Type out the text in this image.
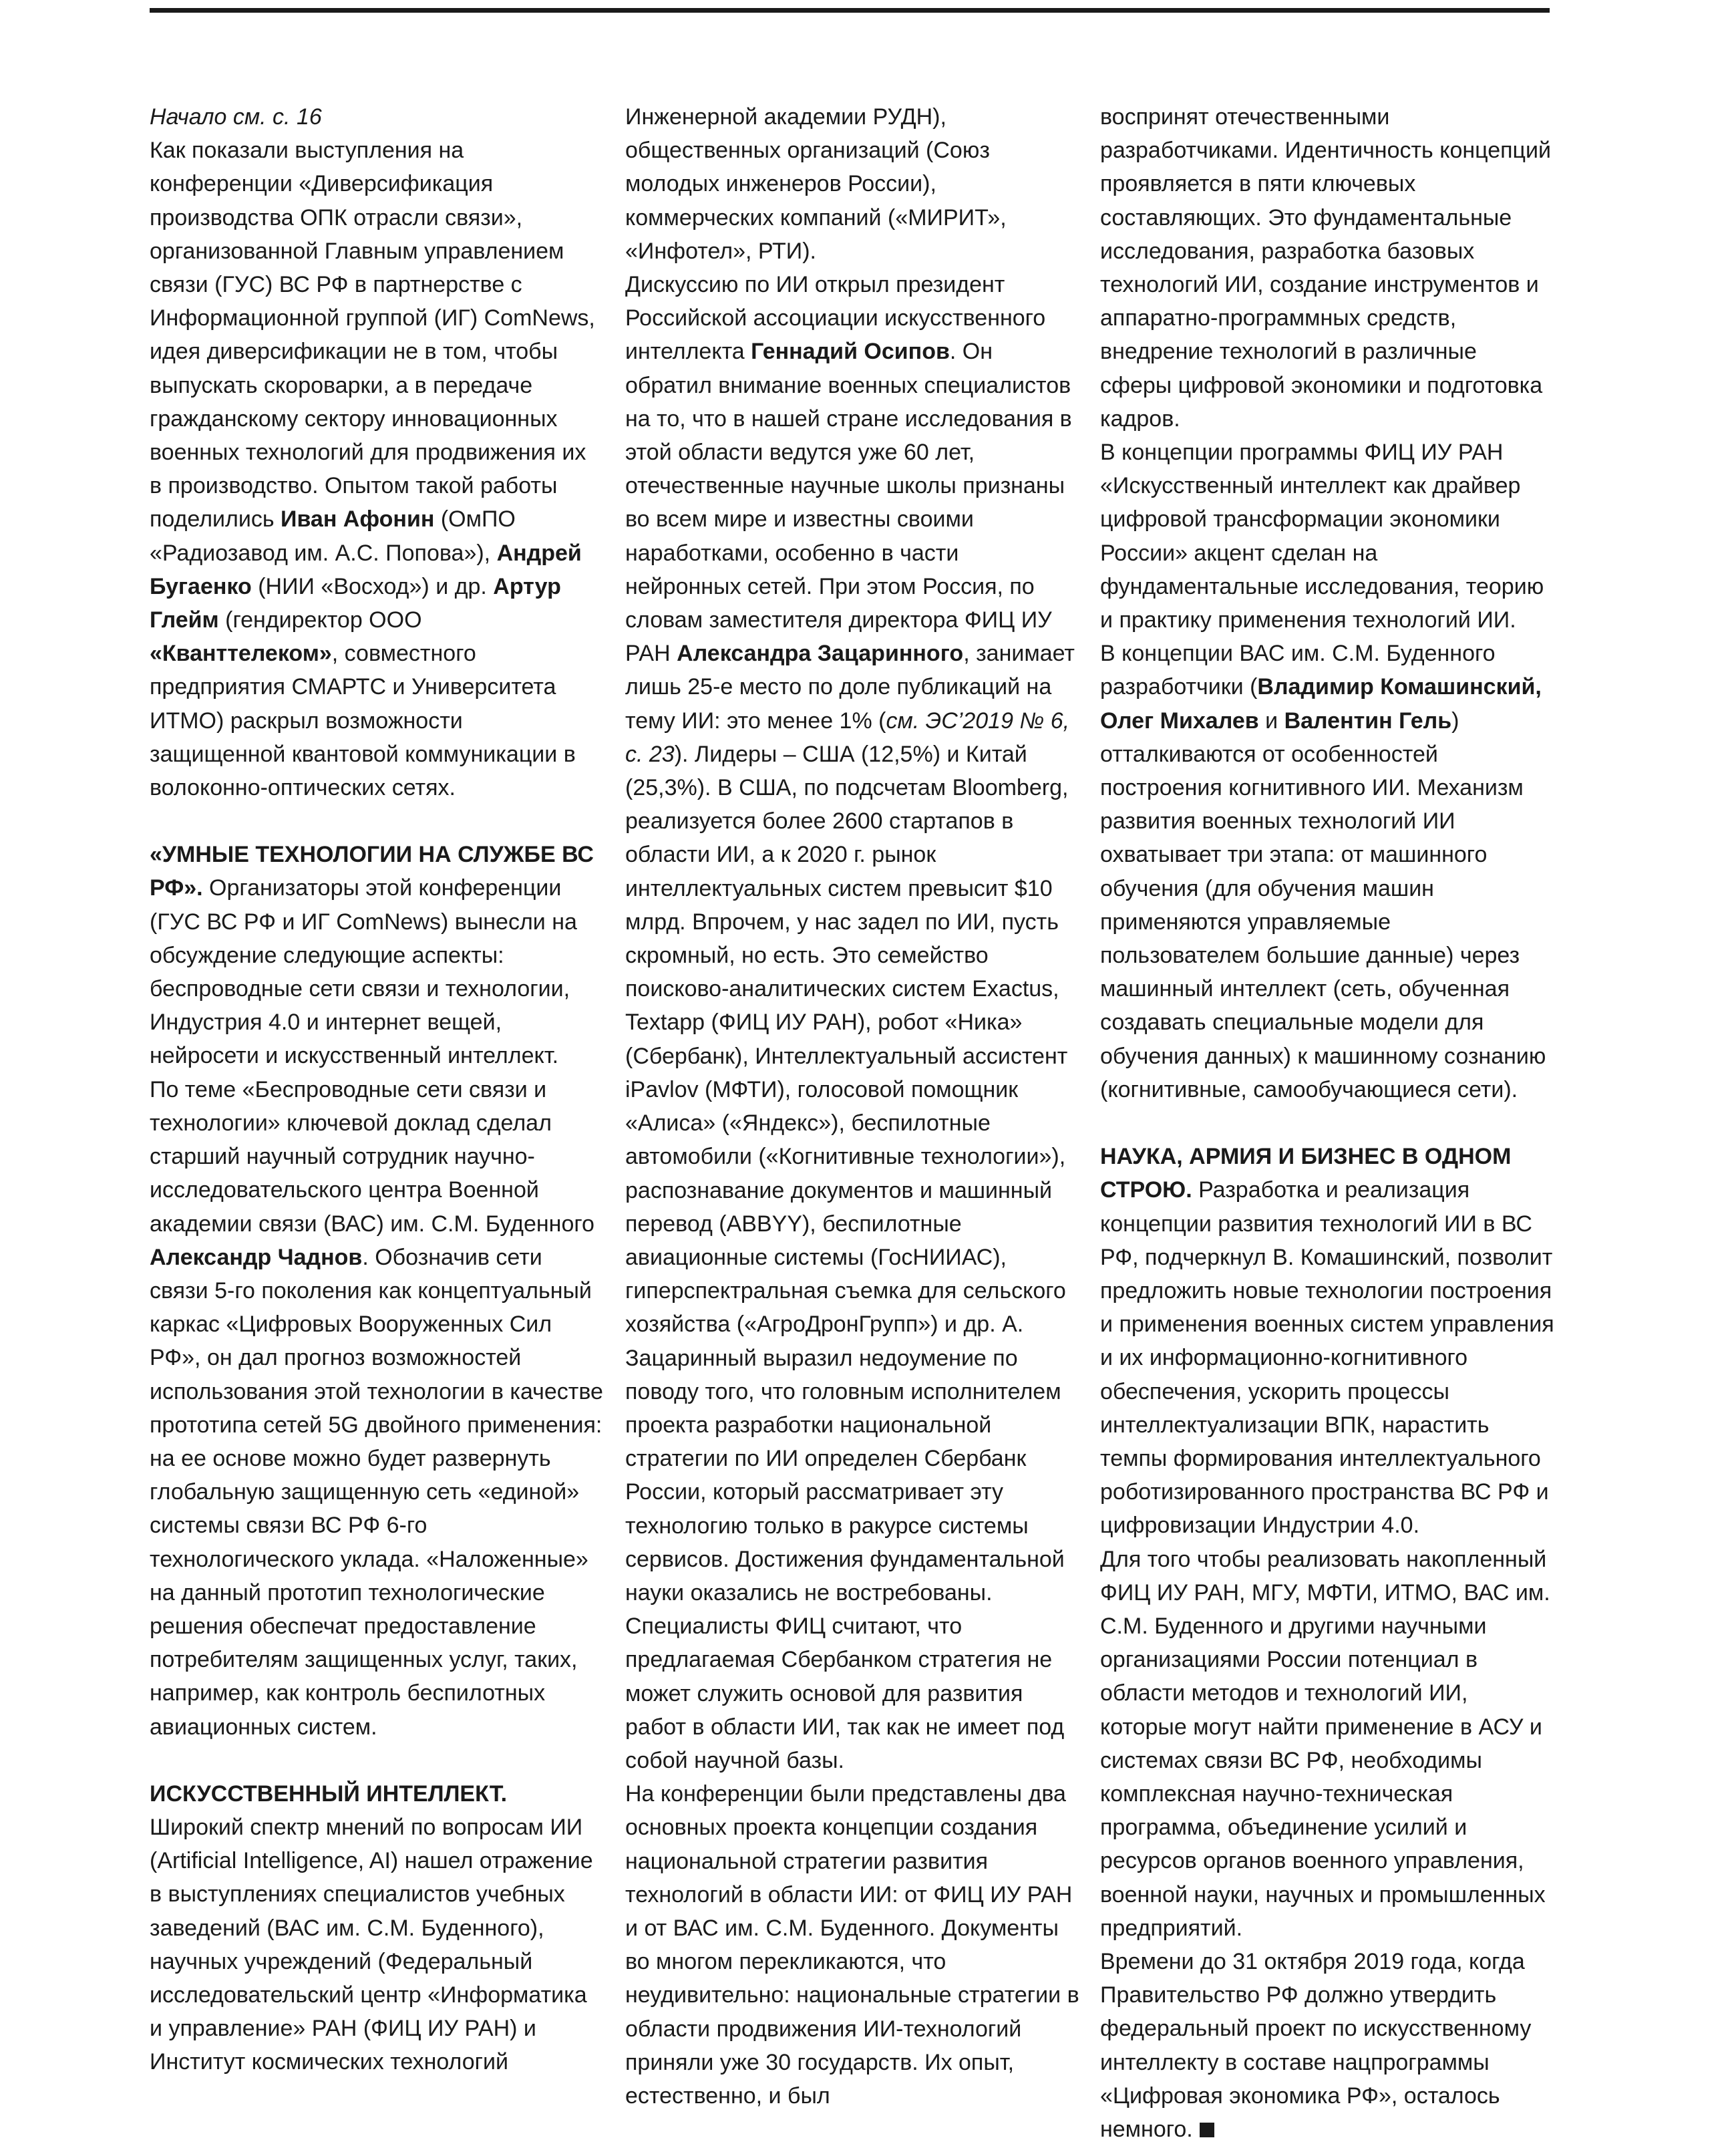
Начало см. с. 16

Как показали выступления на конференции «Диверсификация производства ОПК отрасли связи», организованной Главным управлением связи (ГУС) ВС РФ в партнерстве с Информационной группой (ИГ) ComNews, идея диверсификации не в том, чтобы выпускать скороварки, а в передаче гражданскому сектору инновационных военных технологий для продвижения их в производство. Опытом такой работы поделились Иван Афонин (ОмПО «Радиозавод им. А.С. Попова»), Андрей Бугаенко (НИИ «Восход») и др. Артур Глейм (гендиректор ООО «Кванттелеком», совместного предприятия СМАРТС и Университета ИТМО) раскрыл возможности защищенной квантовой коммуникации в волоконно-оптических сетях.

«УМНЫЕ ТЕХНОЛОГИИ НА СЛУЖБЕ ВС РФ». Организаторы этой конференции (ГУС ВС РФ и ИГ ComNews) вынесли на обсуждение следующие аспекты: беспроводные сети связи и технологии, Индустрия 4.0 и интернет вещей, нейросети и искусственный интеллект.

По теме «Беспроводные сети связи и технологии» ключевой доклад сделал старший научный сотрудник научно-исследовательского центра Военной академии связи (ВАС) им. С.М. Буденного Александр Чаднов. Обозначив сети связи 5-го поколения как концептуальный каркас «Цифровых Вооруженных Сил РФ», он дал прогноз возможностей использования этой технологии в качестве прототипа сетей 5G двойного применения: на ее основе можно будет развернуть глобальную защищенную сеть «единой» системы связи ВС РФ 6-го технологического уклада. «Наложенные» на данный прототип технологические решения обеспечат предоставление потребителям защищенных услуг, таких, например, как контроль беспилотных авиационных систем.

ИСКУССТВЕННЫЙ ИНТЕЛЛЕКТ. Широкий спектр мнений по вопросам ИИ (Artificial Intelligence, AI) нашел отражение в выступлениях специалистов учебных заведений (ВАС им. С.М. Буденного), научных учреждений (Федеральный исследовательский центр «Информатика и управление» РАН (ФИЦ ИУ РАН) и Институт космических технологий

Инженерной академии РУДН), общественных организаций (Союз молодых инженеров России), коммерческих компаний («МИРИТ», «Инфотел», РТИ).

Дискуссию по ИИ открыл президент Российской ассоциации искусственного интеллекта Геннадий Осипов. Он обратил внимание военных специалистов на то, что в нашей стране исследования в этой области ведутся уже 60 лет, отечественные научные школы признаны во всем мире и известны своими наработками, особенно в части нейронных сетей. При этом Россия, по словам заместителя директора ФИЦ ИУ РАН Александра Зацаринного, занимает лишь 25-е место по доле публикаций на тему ИИ: это менее 1% (см. ЭС’2019 № 6, с. 23). Лидеры – США (12,5%) и Китай (25,3%). В США, по подсчетам Bloomberg, реализуется более 2600 стартапов в области ИИ, а к 2020 г. рынок интеллектуальных систем превысит $10 млрд. Впрочем, у нас задел по ИИ, пусть скромный, но есть. Это семейство поисково-аналитических систем Exactus, Textapp (ФИЦ ИУ РАН), робот «Ника» (Сбербанк), Интеллектуальный ассистент iPavlov (МФТИ), голосовой помощник «Алиса» («Яндекс»), беспилотные автомобили («Когнитивные технологии»), распознавание документов и машинный перевод (ABBYY), беспилотные авиационные системы (ГосНИИАС), гиперспектральная съемка для сельского хозяйства («АгроДронГрупп») и др. А. Зацаринный выразил недоумение по поводу того, что головным исполнителем проекта разработки национальной стратегии по ИИ определен Сбербанк России, который рассматривает эту технологию только в ракурсе системы сервисов. Достижения фундаментальной науки оказались не востребованы. Специалисты ФИЦ считают, что предлагаемая Сбербанком стратегия не может служить основой для развития работ в области ИИ, так как не имеет под собой научной базы.

На конференции были представлены два основных проекта концепции создания национальной стратегии развития технологий в области ИИ: от ФИЦ ИУ РАН и от ВАС им. С.М. Буденного. Документы во многом перекликаются, что неудивительно: национальные стратегии в области продвижения ИИ-технологий приняли уже 30 государств. Их опыт, естественно, и был

воспринят отечественными разработчиками. Идентичность концепций проявляется в пяти ключевых составляющих. Это фундаментальные исследования, разработка базовых технологий ИИ, создание инструментов и аппаратно-программных средств, внедрение технологий в различные сферы цифровой экономики и подготовка кадров.

В концепции программы ФИЦ ИУ РАН «Искусственный интеллект как драйвер цифровой трансформации экономики России» акцент сделан на фундаментальные исследования, теорию и практику применения технологий ИИ.

В концепции ВАС им. С.М. Буденного разработчики (Владимир Комашинский, Олег Михалев и Валентин Гель) отталкиваются от особенностей построения когнитивного ИИ. Механизм развития военных технологий ИИ охватывает три этапа: от машинного обучения (для обучения машин применяются управляемые пользователем большие данные) через машинный интеллект (сеть, обученная создавать специальные модели для обучения данных) к машинному сознанию (когнитивные, самообучающиеся сети).

НАУКА, АРМИЯ И БИЗНЕС В ОДНОМ СТРОЮ. Разработка и реализация концепции развития технологий ИИ в ВС РФ, подчеркнул В. Комашинский, позволит предложить новые технологии построения и применения военных систем управления и их информационно-когнитивного обеспечения, ускорить процессы интеллектуализации ВПК, нарастить темпы формирования интеллектуального роботизированного пространства ВС РФ и цифровизации Индустрии 4.0.

Для того чтобы реализовать накопленный ФИЦ ИУ РАН, МГУ, МФТИ, ИТМО, ВАС им. С.М. Буденного и другими научными организациями России потенциал в области методов и технологий ИИ, которые могут найти применение в АСУ и системах связи ВС РФ, необходимы комплексная научно-техническая программа, объединение усилий и ресурсов органов военного управления, военной науки, научных и промышленных предприятий.

Времени до 31 октября 2019 года, когда Правительство РФ должно утвердить федеральный проект по искусственному интеллекту в составе нацпрограммы «Цифровая экономика РФ», осталось немного.
